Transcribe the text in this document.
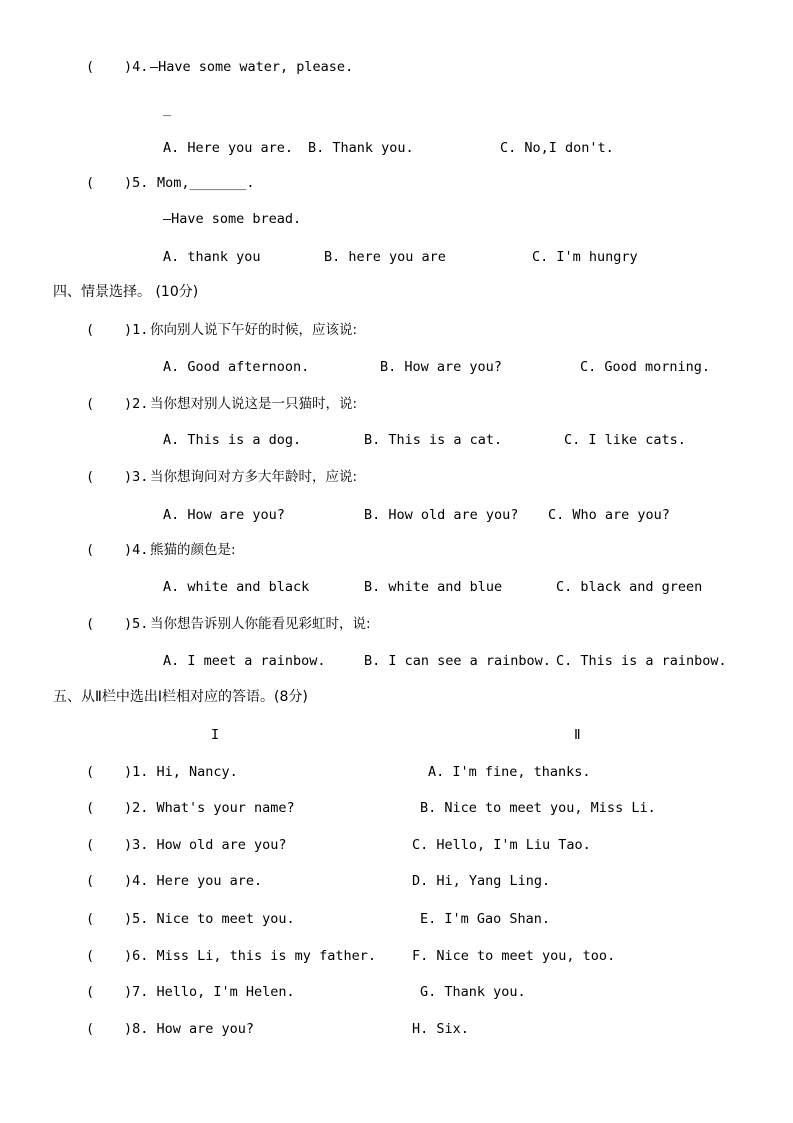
( )4. —Have some water, please.
_
A. Here you are. B. Thank you.	C. No,I don't.
( )5. Mom,_______.
—Have some bread.
A. thank you	B. here you are	C. I'm hungry
四、情景选择。 (10分)
( )1. 你向别人说下午好的时候，应该说:
A. Good afternoon.	B. How are you?	C. Good morning.
( )2. 当你想对别人说这是一只猫时，说:
A. This is a dog.	B. This is a cat.	C. I like cats.
( )3. 当你想询问对方多大年龄时，应说:
A. How are you?	B. How old are you? C. Who are you?
( )4. 熊猫的颜色是:
A. white and black	B. white and blue	C. black and green
( )5. 当你想告诉别人你能看见彩虹时，说:
A. I meet a rainbow.	B. I can see a rainbow. C. This is a rainbow.
五、从Ⅱ栏中选出Ⅰ栏相对应的答语。(8分)
I	Ⅱ
( )1. Hi, Nancy.	A. I'm fine, thanks.
( )2. What's your name?	B. Nice to meet you, Miss Li.
( )3. How old are you?	C. Hello, I'm Liu Tao.
( )4. Here you are.	D. Hi, Yang Ling.
( )5. Nice to meet you.	E. I'm Gao Shan.
( )6. Miss Li, this is my father.	F. Nice to meet you, too.
( )7. Hello, I'm Helen.	G. Thank you.
( )8. How are you?	H. Six.
